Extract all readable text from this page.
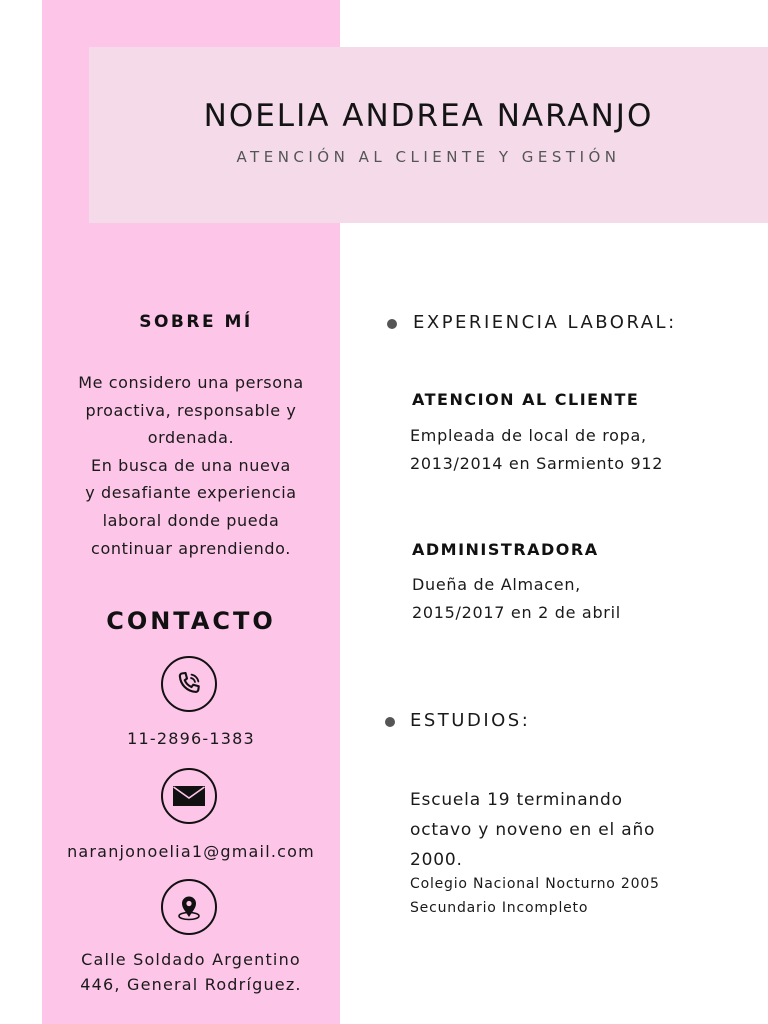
NOELIA ANDREA NARANJO
ATENCIÓN AL CLIENTE Y GESTIÓN
SOBRE MÍ
Me considero una persona
proactiva, responsable y
ordenada.
En busca de una nueva
y desafiante experiencia
laboral donde pueda
continuar aprendiendo.
CONTACTO
11-2896-1383
naranjonoelia1@gmail.com
Calle Soldado Argentino
446, General Rodríguez.
EXPERIENCIA LABORAL:
ATENCION AL CLIENTE
Empleada de local de ropa,
2013/2014 en Sarmiento 912
ADMINISTRADORA
Dueña de Almacen,
2015/2017 en 2 de abril
ESTUDIOS:
Escuela 19 terminando
octavo y noveno en el año
2000.
Colegio Nacional Nocturno 2005
Secundario Incompleto
